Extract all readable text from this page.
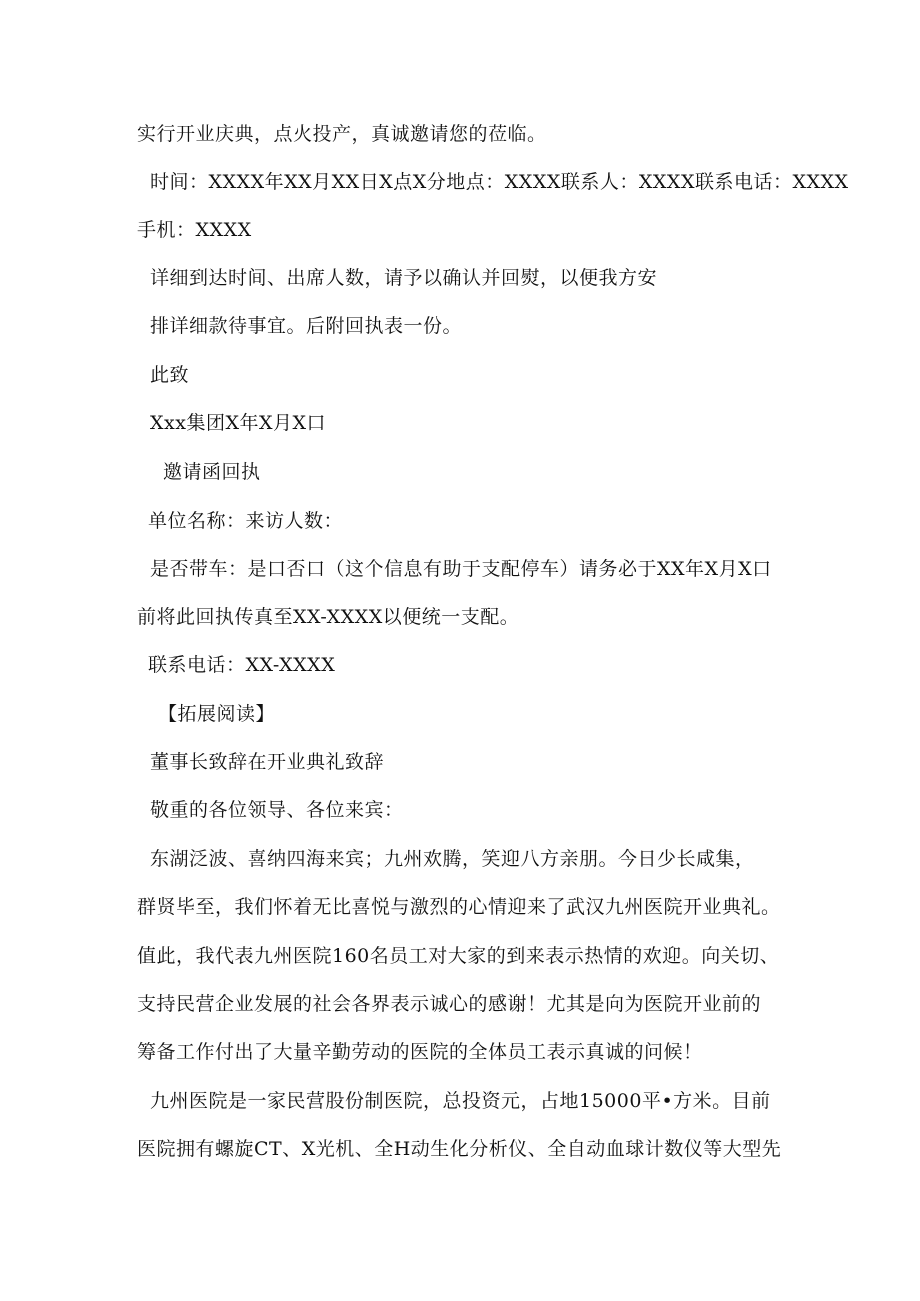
实行开业庆典，点火投产，真诚邀请您的莅临。
时间：XXXX年XX月XX日X点X分地点：XXXX联系人：XXXX联系电话：XXXX
手机：XXXX
详细到达时间、出席人数，请予以确认并回熨，以便我方安
排详细款待事宜。后附回执表一份。
此致
Xxx集团X年X月X口
邀请函回执
单位名称：来访人数：
是否带车：是口否口（这个信息有助于支配停车）请务必于XX年X月X口
前将此回执传真至XX-XXXX以便统一支配。
联系电话：XX-XXXX
【拓展阅读】
董事长致辞在开业典礼致辞
敬重的各位领导、各位来宾：
东湖泛波、喜纳四海来宾；九州欢腾，笑迎八方亲朋。今日少长咸集，
群贤毕至，我们怀着无比喜悦与激烈的心情迎来了武汉九州医院开业典礼。
值此，我代表九州医院160名员工对大家的到来表示热情的欢迎。向关切、
支持民营企业发展的社会各界表示诚心的感谢！尤其是向为医院开业前的
筹备工作付出了大量辛勤劳动的医院的全体员工表示真诚的问候！
九州医院是一家民营股份制医院，总投资元，占地15000平•方米。目前
医院拥有螺旋CT、X光机、全H动生化分析仪、全自动血球计数仪等大型先
